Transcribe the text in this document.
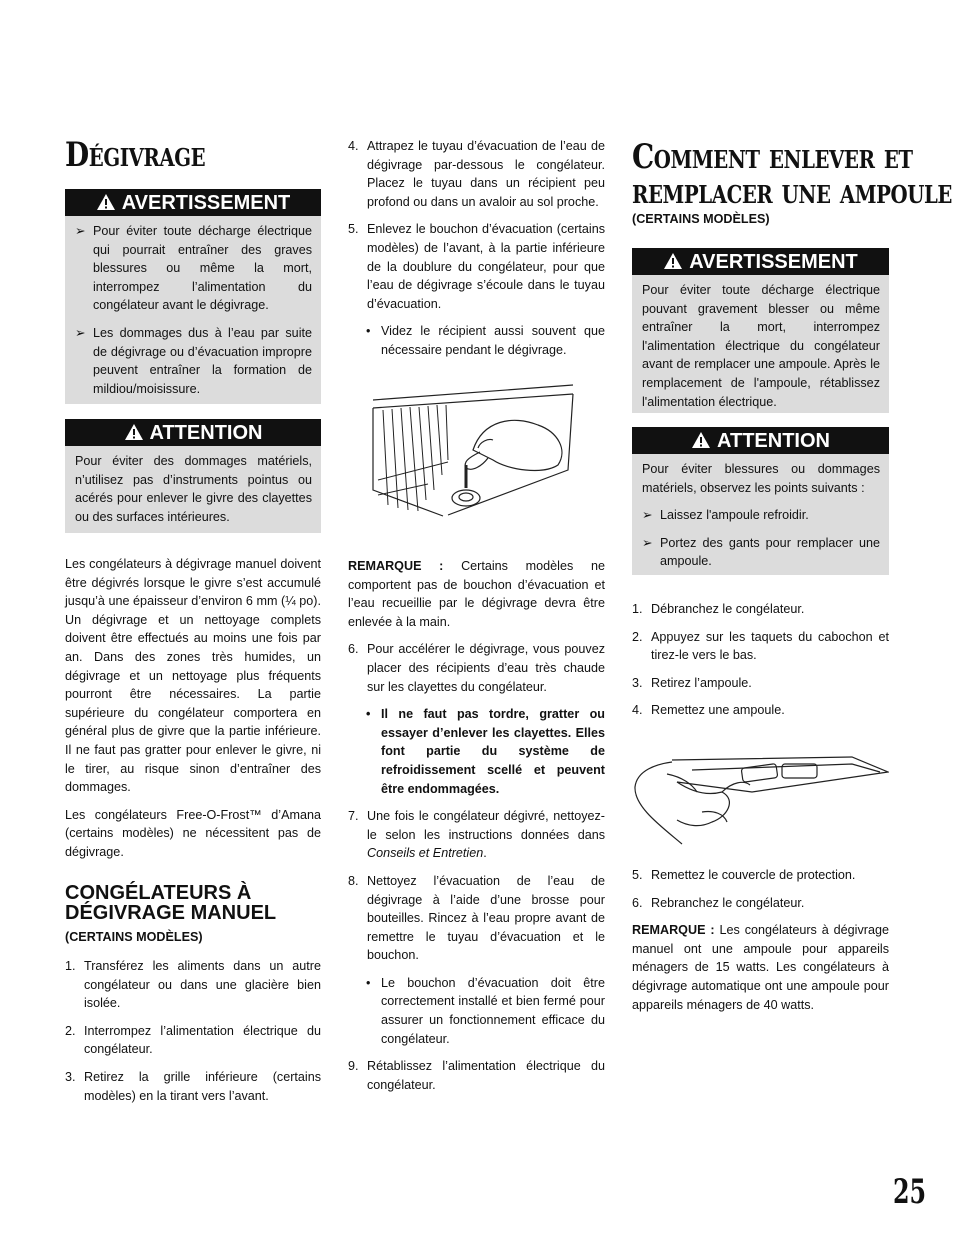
Dégivrage
AVERTISSEMENT
➢ Pour éviter toute décharge électrique qui pourrait entraîner des graves blessures ou même la mort, interrompez l’alimentation du congélateur avant le dégivrage.
➢ Les dommages dus à l’eau par suite de dégivrage ou d’évacuation impropre peuvent entraîner la formation de mildiou/moisissure.
ATTENTION
Pour éviter des dommages matériels, n’utilisez pas d’instruments pointus ou acérés pour enlever le givre des clayettes ou des surfaces intérieures.

Les congélateurs à dégivrage manuel doivent être dégivrés lorsque le givre s’est accumulé jusqu’à une épaisseur d’environ 6 mm (¼ po). Un dégivrage et un nettoyage complets doivent être effectués au moins une fois par an. Dans des zones très humides, un dégivrage et un nettoyage plus fréquents pourront être nécessaires. La partie supérieure du congélateur comportera en général plus de givre que la partie inférieure. Il ne faut pas gratter pour enlever le givre, ni le tirer, au risque sinon d’entraîner des dommages.

Les congélateurs Free-O-Frost™ d’Amana (certains modèles) ne nécessitent pas de dégivrage.

CONGÉLATEURS À
DÉGIVRAGE MANUEL
(CERTAINS MODÈLES)

1. Transférez les aliments dans un autre congélateur ou dans une glacière bien isolée.

2. Interrompez l’alimentation électrique du congélateur.

3. Retirez la grille inférieure (certains modèles) en la tirant vers l’avant.

4. Attrapez le tuyau d’évacuation de l’eau de dégivrage par-dessous le congélateur. Placez le tuyau dans un récipient peu profond ou dans un avaloir au sol proche.

5. Enlevez le bouchon d’évacuation (certains modèles) de l’avant, à la partie inférieure de la doublure du congélateur, pour que l’eau de dégivrage s’écoule dans le tuyau d’évacuation.

• Videz le récipient aussi souvent que nécessaire pendant le dégivrage.

REMARQUE : Certains modèles ne comportent pas de bouchon d’évacuation et l’eau recueillie par le dégivrage devra être enlevée à la main.

6. Pour accélérer le dégivrage, vous pouvez placer des récipients d’eau très chaude sur les clayettes du congélateur.

• Il ne faut pas tordre, gratter ou essayer d’enlever les clayettes. Elles font partie du système de refroidissement scellé et peuvent être endommagées.

7. Une fois le congélateur dégivré, nettoyez-le selon les instructions données dans Conseils et Entretien.

8. Nettoyez l’évacuation de l’eau de dégivrage à l’aide d’une brosse pour bouteilles. Rincez à l’eau propre avant de remettre le tuyau d’évacuation et le bouchon.

• Le bouchon d’évacuation doit être correctement installé et bien fermé pour assurer un fonctionnement efficace du congélateur.

9. Rétablissez l’alimentation électrique du congélateur.

Comment enlever et
remplacer une ampoule
(CERTAINS MODÈLES)
AVERTISSEMENT
Pour éviter toute décharge électrique pouvant gravement blesser ou même entraîner la mort, interrompez l'alimentation électrique du congélateur avant de remplacer une ampoule. Après le remplacement de l'ampoule, rétablissez l'alimentation électrique.
ATTENTION
Pour éviter blessures ou dommages matériels, observez les points suivants :
➢ Laissez l'ampoule refroidir.
➢ Portez des gants pour remplacer une ampoule.

1. Débranchez le congélateur.

2. Appuyez sur les taquets du cabochon et tirez-le vers le bas.

3. Retirez l’ampoule.

4. Remettez une ampoule.

5. Remettez le couvercle de protection.

6. Rebranchez le congélateur.

REMARQUE : Les congélateurs à dégivrage manuel ont une ampoule pour appareils ménagers de 15 watts. Les congélateurs à dégivrage automatique ont une ampoule pour appareils ménagers de 40 watts.

25
